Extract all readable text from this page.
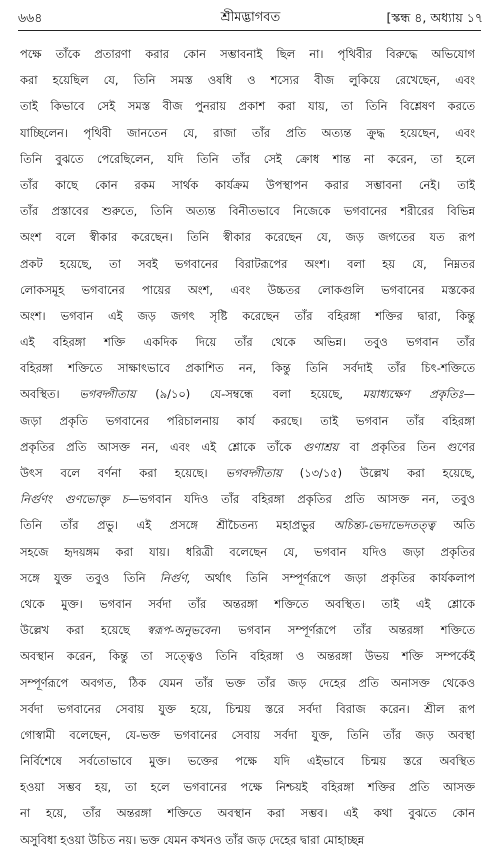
৬৬৪	শ্রীমদ্ভাগবত	[স্কন্ধ ৪, অধ্যায় ১৭
পক্ষে তাঁকে প্রতারণা করার কোন সম্ভাবনাই ছিল না। পৃথিবীর বিরুদ্ধে অভিযোগ
করা হয়েছিল যে, তিনি সমস্ত ওষধি ও শস্যের বীজ লুকিয়ে রেখেছেন, এবং
তাই কিভাবে সেই সমস্ত বীজ পুনরায় প্রকাশ করা যায়, তা তিনি বিশ্লেষণ করতে
যাচ্ছিলেন। পৃথিবী জানতেন যে, রাজা তাঁর প্রতি অত্যন্ত ক্রুদ্ধ হয়েছেন, এবং
তিনি বুঝতে পেরেছিলেন, যদি তিনি তাঁর সেই ক্রোধ শান্ত না করেন, তা হলে
তাঁর কাছে কোন রকম সার্থক কার্যক্রম উপস্থাপন করার সম্ভাবনা নেই। তাই
তাঁর প্রস্তাবের শুরুতে, তিনি অত্যন্ত বিনীতভাবে নিজেকে ভগবানের শরীরের বিভিন্ন
অংশ বলে স্বীকার করেছেন। তিনি স্বীকার করেছেন যে, জড় জগতের যত রূপ
প্রকট হয়েছে, তা সবই ভগবানের বিরাটরূপের অংশ। বলা হয় যে, নিম্নতর
লোকসমূহ ভগবানের পায়ের অংশ, এবং উচ্চতর লোকগুলি ভগবানের মস্তকের
অংশ। ভগবান এই জড় জগৎ সৃষ্টি করেছেন তাঁর বহিরঙ্গা শক্তির দ্বারা, কিন্তু
এই বহিরঙ্গা শক্তি একদিক দিয়ে তাঁর থেকে অভিন্ন। তবুও ভগবান তাঁর
বহিরঙ্গা শক্তিতে সাক্ষাৎভাবে প্রকাশিত নন, কিন্তু তিনি সর্বদাই তাঁর চিৎ-শক্তিতে
অবস্থিত। ভগবদ্গীতায় (৯/১০) যে-সম্বন্ধে বলা হয়েছে, ময়াধ্যক্ষেণ প্রকৃতিঃ—
জড়া প্রকৃতি ভগবানের পরিচালনায় কার্য করছে। তাই ভগবান তাঁর বহিরঙ্গা
প্রকৃতির প্রতি আসক্ত নন, এবং এই শ্লোকে তাঁকে গুণাশ্রয় বা প্রকৃতির তিন গুণের
উৎস বলে বর্ণনা করা হয়েছে। ভগবদ্গীতায় (১৩/১৫) উল্লেখ করা হয়েছে,
নির্গুণং গুণভোক্তৃ চ—ভগবান যদিও তাঁর বহিরঙ্গা প্রকৃতির প্রতি আসক্ত নন, তবুও
তিনি তাঁর প্রভু। এই প্রসঙ্গে শ্রীচৈতন্য মহাপ্রভুর অচিন্ত্য-ভেদাভেদতত্ত্ব অতি
সহজে হৃদয়ঙ্গম করা যায়। ধরিত্রী বলেছেন যে, ভগবান যদিও জড়া প্রকৃতির
সঙ্গে যুক্ত তবুও তিনি নির্গুণ, অর্থাৎ তিনি সম্পূর্ণরূপে জড়া প্রকৃতির কার্যকলাপ
থেকে মুক্ত। ভগবান সর্বদা তাঁর অন্তরঙ্গা শক্তিতে অবস্থিত। তাই এই শ্লোকে
উল্লেখ করা হয়েছে স্বরূপ-অনুভবেন। ভগবান সম্পূর্ণরূপে তাঁর অন্তরঙ্গা শক্তিতে
অবস্থান করেন, কিন্তু তা সত্ত্বেও তিনি বহিরঙ্গা ও অন্তরঙ্গা উভয় শক্তি সম্পর্কেই
সম্পূর্ণরূপে অবগত, ঠিক যেমন তাঁর ভক্ত তাঁর জড় দেহের প্রতি অনাসক্ত থেকেও
সর্বদা ভগবানের সেবায় যুক্ত হয়ে, চিন্ময় স্তরে সর্বদা বিরাজ করেন। শ্রীল রূপ
গোস্বামী বলেছেন, যে-ভক্ত ভগবানের সেবায় সর্বদা যুক্ত, তিনি তাঁর জড় অবস্থা
নির্বিশেষে সর্বতোভাবে মুক্ত। ভক্তের পক্ষে যদি এইভাবে চিন্ময় স্তরে অবস্থিত
হওয়া সম্ভব হয়, তা হলে ভগবানের পক্ষে নিশ্চয়ই বহিরঙ্গা শক্তির প্রতি আসক্ত
না হয়ে, তাঁর অন্তরঙ্গা শক্তিতে অবস্থান করা সম্ভব। এই কথা বুঝতে কোন
অসুবিধা হওয়া উচিত নয়। ভক্ত যেমন কখনও তাঁর জড় দেহের দ্বারা মোহাচ্ছন্ন
